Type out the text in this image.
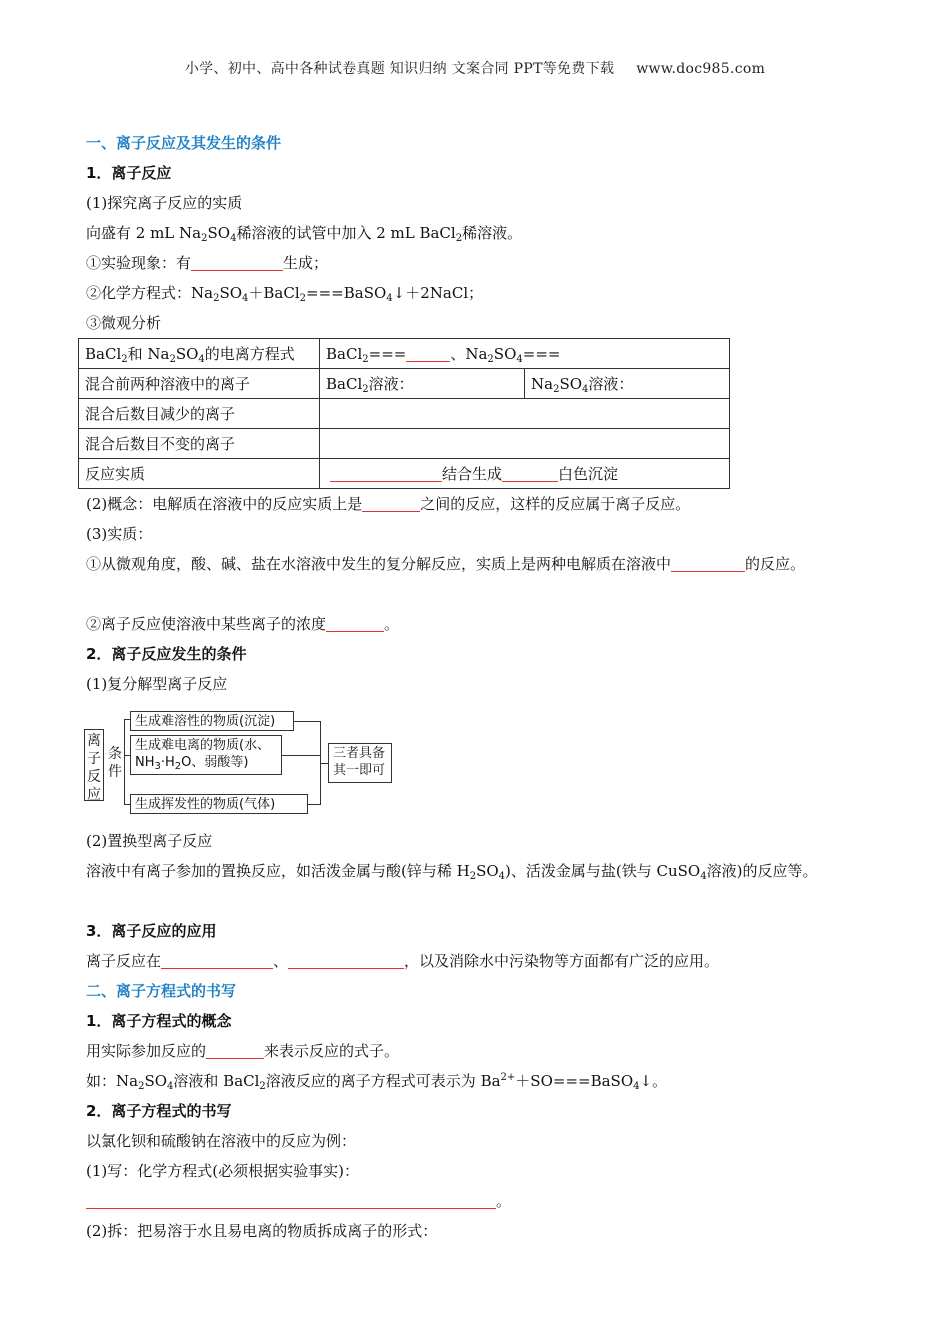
小学、初中、高中各种试卷真题 知识归纳 文案合同 PPT等免费下载 www.doc985.com
一、离子反应及其发生的条件
1．离子反应
(1)探究离子反应的实质
向盛有 2 mL $Na_2SO_4$稀溶液的试管中加入 2 mL BaCl$_2$稀溶液。
①实验现象：有	生成；
②化学方程式：$Na_2SO_4+BaCl_2===BaSO_4↓+2NaCl$；
③微观分析
BaCl$_2$和 $Na_2SO_4$的电离方程式	BaCl$_2$=== 、$Na_2SO_4===$	
混合前两种溶液中的离子	BaCl$_2$溶液：	$Na_2SO_4$溶液：
混合后数目减少的离子		
混合后数目不变的离子		
反应实质	结合生成 白色沉淀	
(2)概念：电解质在溶液中的反应实质上是	之间的反应，这样的反应属于离子反应。
(3)实质：
①从微观角度，酸、碱、盐在水溶液中发生的复分解反应，实质上是两种电解质在溶液中	的反应。
②离子反应使溶液中某些离子的浓度	。
2．离子反应发生的条件
(1)复分解型离子反应
离子反应
条件
生成难溶性的物质(沉淀)
生成难电离的物质(水、
$NH_3\cdot H_2O$、弱酸等)
生成挥发性的物质(气体)
三者具备
其一即可
(2)置换型离子反应
溶液中有离子参加的置换反应，如活泼金属与酸(锌与稀 $H_2SO_4$)、活泼金属与盐(铁与 CuSO$_4$溶液)的反应等。
3．离子反应的应用
离子反应在	、	，以及消除水中污染物等方面都有广泛的应用。
二、离子方程式的书写
1．离子方程式的概念
用实际参加反应的	来表示反应的式子。
如：$Na_2SO_4$溶液和 BaCl$_2$溶液反应的离子方程式可表示为 $Ba^{2+}+SO===BaSO_4↓$。
2．离子方程式的书写
以氯化钡和硫酸钠在溶液中的反应为例：
(1)写：化学方程式(必须根据实验事实)：
。
(2)拆：把易溶于水且易电离的物质拆成离子的形式：
